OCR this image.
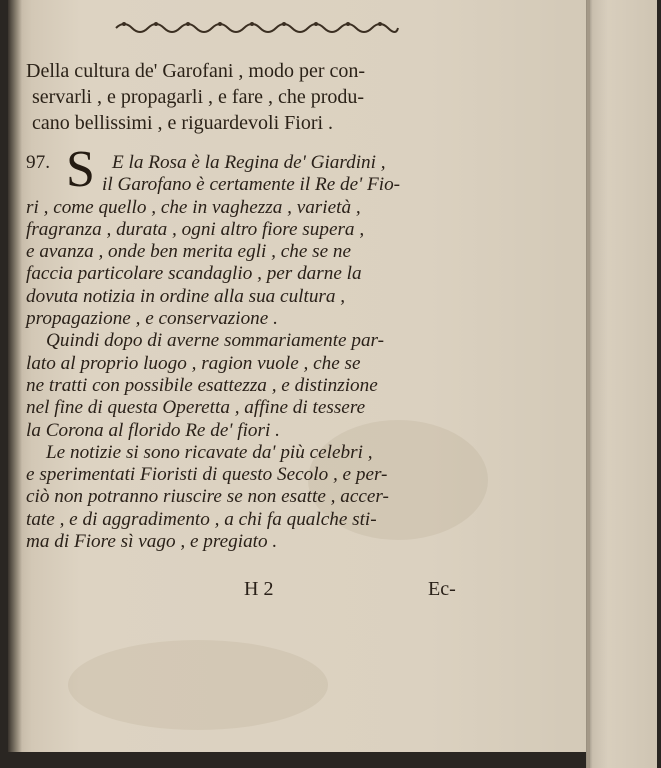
Della cultura de' Garofani , modo per con-
servarli , e propagarli , e fare , che produ-
cano bellissimi , e riguardevoli Fiori .
97. S E la Rosa è la Regina de' Giardini ,
il Garofano è certamente il Re de' Fio-
ri , come quello , che in vaghezza , varietà ,
fragranza , durata , ogni altro fiore supera ,
e avanza , onde ben merita egli , che se ne
faccia particolare scandaglio , per darne la
dovuta notizia in ordine alla sua cultura ,
propagazione , e conservazione .
Quindi dopo di averne sommariamente par-
lato al proprio luogo , ragion vuole , che se
ne tratti con possibile esattezza , e distinzione
nel fine di questa Operetta , affine di tessere
la Corona al florido Re de' fiori .
Le notizie si sono ricavate da' più celebri ,
e sperimentati Fioristi di questo Secolo , e per-
ciò non potranno riuscire se non esatte , accer-
tate , e di aggradimento , a chi fa qualche sti-
ma di Fiore sì vago , e pregiato .
H 2	Ec-
